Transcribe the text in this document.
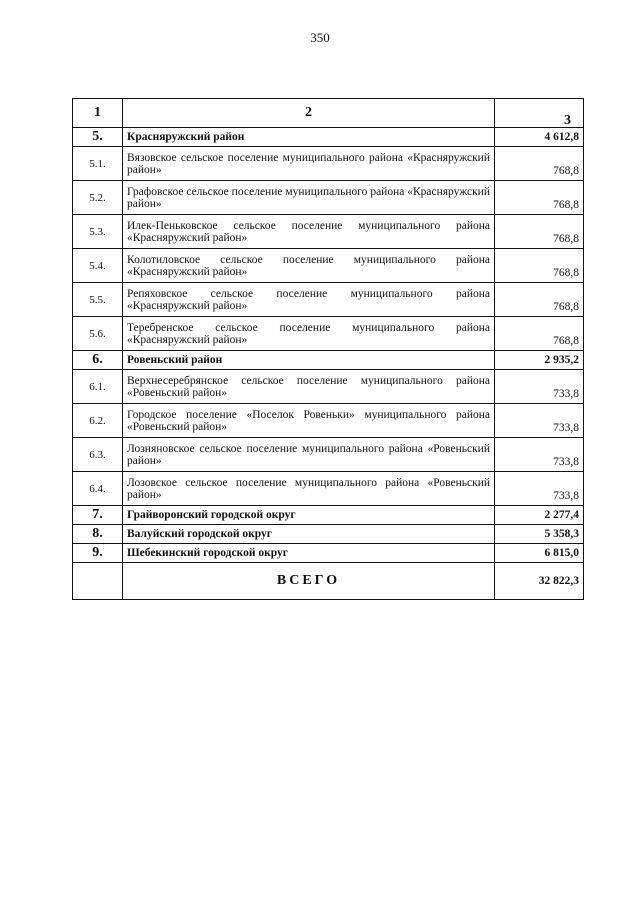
350
1	2	3
5.	Красняружский район	4 612,8
5.1.	Вязовское сельское поселение муниципального района «Красняружский район»	768,8
5.2.	Графовское сельское поселение муниципального района «Красняружский район»	768,8
5.3.	Илек-Пеньковское сельское поселение муниципального района «Красняружский район»	768,8
5.4.	Колотиловское сельское поселение муниципального района «Красняружский район»	768,8
5.5.	Репяховское сельское поселение муниципального района «Красняружский район»	768,8
5.6.	Теребренское сельское поселение муниципального района «Красняружский район»	768,8
6.	Ровеньский район	2 935,2
6.1.	Верхнесеребрянское сельское поселение муниципального района «Ровеньский район»	733,8
6.2.	Городское поселение «Поселок Ровеньки» муниципального района «Ровеньский район»	733,8
6.3.	Лозняновское сельское поселение муниципального района «Ровеньский район»	733,8
6.4.	Лозовское сельское поселение муниципального района «Ровеньский район»	733,8
7.	Грайворонский городской округ	2 277,4
8.	Валуйский городской округ	5 358,3
9.	Шебекинский городской округ	6 815,0
	ВСЕГО	32 822,3
